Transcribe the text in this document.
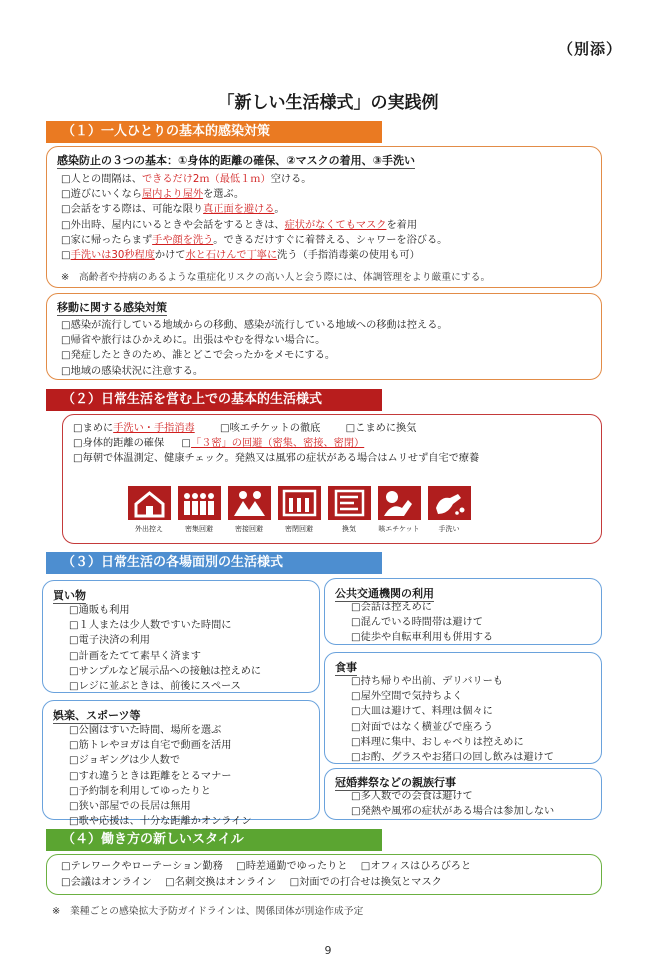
（別添）
「新しい生活様式」の実践例
（１）一人ひとりの基本的感染対策
感染防止の３つの基本：①身体的距離の確保、②マスクの着用、③手洗い
□ 人との間隔は、できるだけ2ｍ（最低１ｍ）空ける。
□ 遊びにいくなら屋内より屋外を選ぶ。
□ 会話をする際は、可能な限り真正面を避ける。
□ 外出時、屋内にいるときや会話をするときは、症状がなくてもマスクを着用
□ 家に帰ったらまず手や顔を洗う。できるだけすぐに着替える、シャワーを浴びる。
□ 手洗いは30秒程度かけて水と石けんで丁寧に洗う（手指消毒薬の使用も可）
※　高齢者や持病のあるような重症化リスクの高い人と会う際には、体調管理をより厳重にする。
移動に関する感染対策
□ 感染が流行している地域からの移動、感染が流行している地域への移動は控える。
□ 帰省や旅行はひかえめに。出張はやむを得ない場合に。
□ 発症したときのため、誰とどこで会ったかをメモにする。
□ 地域の感染状況に注意する。
（２）日常生活を営む上での基本的生活様式
□ まめに手洗い・手指消毒	□ 咳エチケットの徹底	□ こまめに換気
□ 身体的距離の確保	□ 「３密」の回避（密集、密接、密閉）
□ 毎朝で体温測定、健康チェック。発熱又は風邪の症状がある場合はムリせず自宅で療養
外出控え	密集回避	密接回避	密閉回避	換気	咳エチケット	手洗い
（３）日常生活の各場面別の生活様式
買い物
□ 通販も利用
□ １人または少人数ですいた時間に
□ 電子決済の利用
□ 計画をたてて素早く済ます
□ サンプルなど展示品への接触は控えめに
□ レジに並ぶときは、前後にスペース
娯楽、スポーツ等
□ 公園はすいた時間、場所を選ぶ
□ 筋トレやヨガは自宅で動画を活用
□ ジョギングは少人数で
□ すれ違うときは距離をとるマナー
□ 予約制を利用してゆったりと
□ 狭い部屋での長居は無用
□ 歌や応援は、十分な距離かオンライン
公共交通機関の利用
□ 会話は控えめに
□ 混んでいる時間帯は避けて
□ 徒歩や自転車利用も併用する
食事
□ 持ち帰りや出前、デリバリーも
□ 屋外空間で気持ちよく
□ 大皿は避けて、料理は個々に
□ 対面ではなく横並びで座ろう
□ 料理に集中、おしゃべりは控えめに
□ お酌、グラスやお猪口の回し飲みは避けて
冠婚葬祭などの親族行事
□ 多人数での会食は避けて
□ 発熱や風邪の症状がある場合は参加しない
（４）働き方の新しいスタイル
□ テレワークやローテーション勤務 □ 時差通勤でゆったりと □ オフィスはひろびろと
□ 会議はオンライン □ 名刺交換はオンライン □ 対面での打合せは換気とマスク
※　業種ごとの感染拡大予防ガイドラインは、関係団体が別途作成予定
9
